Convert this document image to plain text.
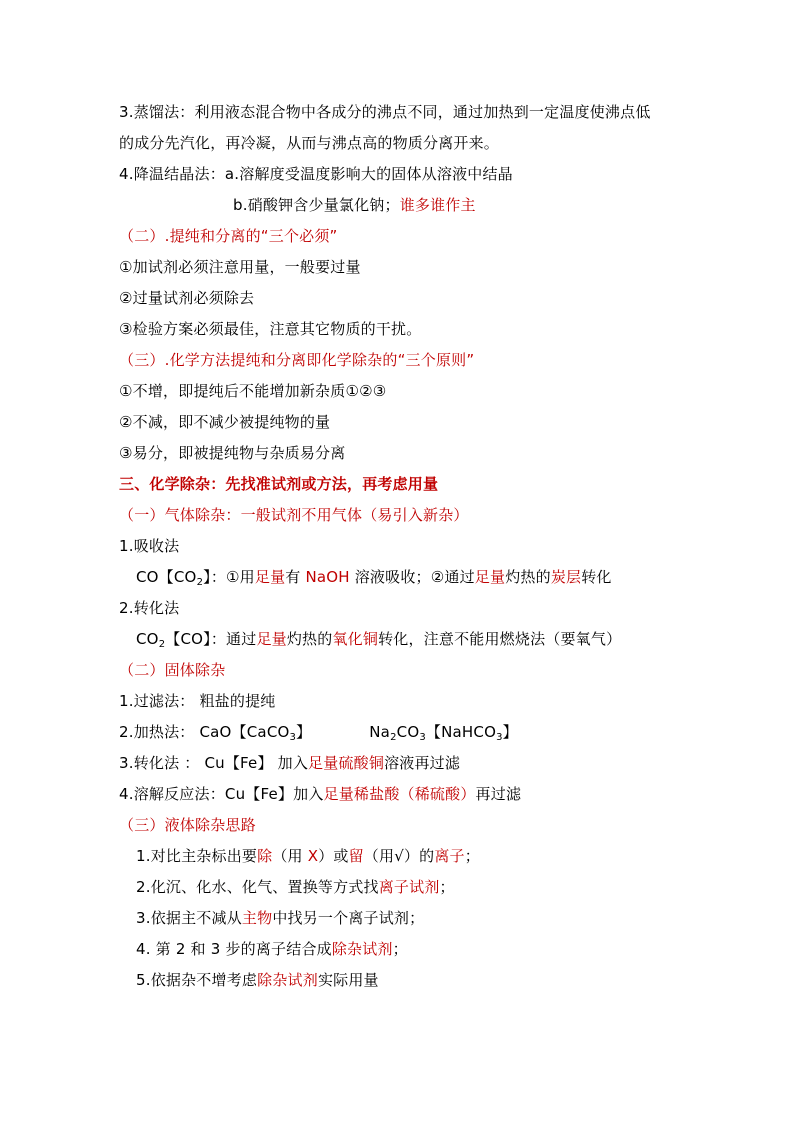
3.蒸馏法：利用液态混合物中各成分的沸点不同，通过加热到一定温度使沸点低
的成分先汽化，再冷凝，从而与沸点高的物质分离开来。
4.降温结晶法：a.溶解度受温度影响大的固体从溶液中结晶
b.硝酸钾含少量氯化钠；谁多谁作主
（二）.提纯和分离的“三个必须”
①加试剂必须注意用量，一般要过量
②过量试剂必须除去
③检验方案必须最佳，注意其它物质的干扰。
（三）.化学方法提纯和分离即化学除杂的“三个原则”
①不增，即提纯后不能增加新杂质①②③
②不减，即不减少被提纯物的量
③易分，即被提纯物与杂质易分离
三、化学除杂：先找准试剂或方法，再考虑用量
（一）气体除杂：一般试剂不用气体（易引入新杂）
1.吸收法
CO【$CO_2$】：①用足量有 NaOH 溶液吸收；②通过足量灼热的炭层转化
2.转化法
$CO_2$【CO】：通过足量灼热的氧化铜转化，注意不能用燃烧法（要氧气）
（二）固体除杂
1.过滤法： 粗盐的提纯
2.加热法： CaO【CaCO$_3$】	$Na_2CO_3$【NaHCO$_3$】
3.转化法 ： Cu【Fe】 加入足量硫酸铜溶液再过滤
4.溶解反应法：Cu【Fe】加入足量稀盐酸（稀硫酸）再过滤
（三）液体除杂思路
1.对比主杂标出要除（用 X）或留（用√）的离子；
2.化沉、化水、化气、置换等方式找离子试剂；
3.依据主不减从主物中找另一个离子试剂；
4. 第 2 和 3 步的离子结合成除杂试剂；
5.依据杂不增考虑除杂试剂实际用量
